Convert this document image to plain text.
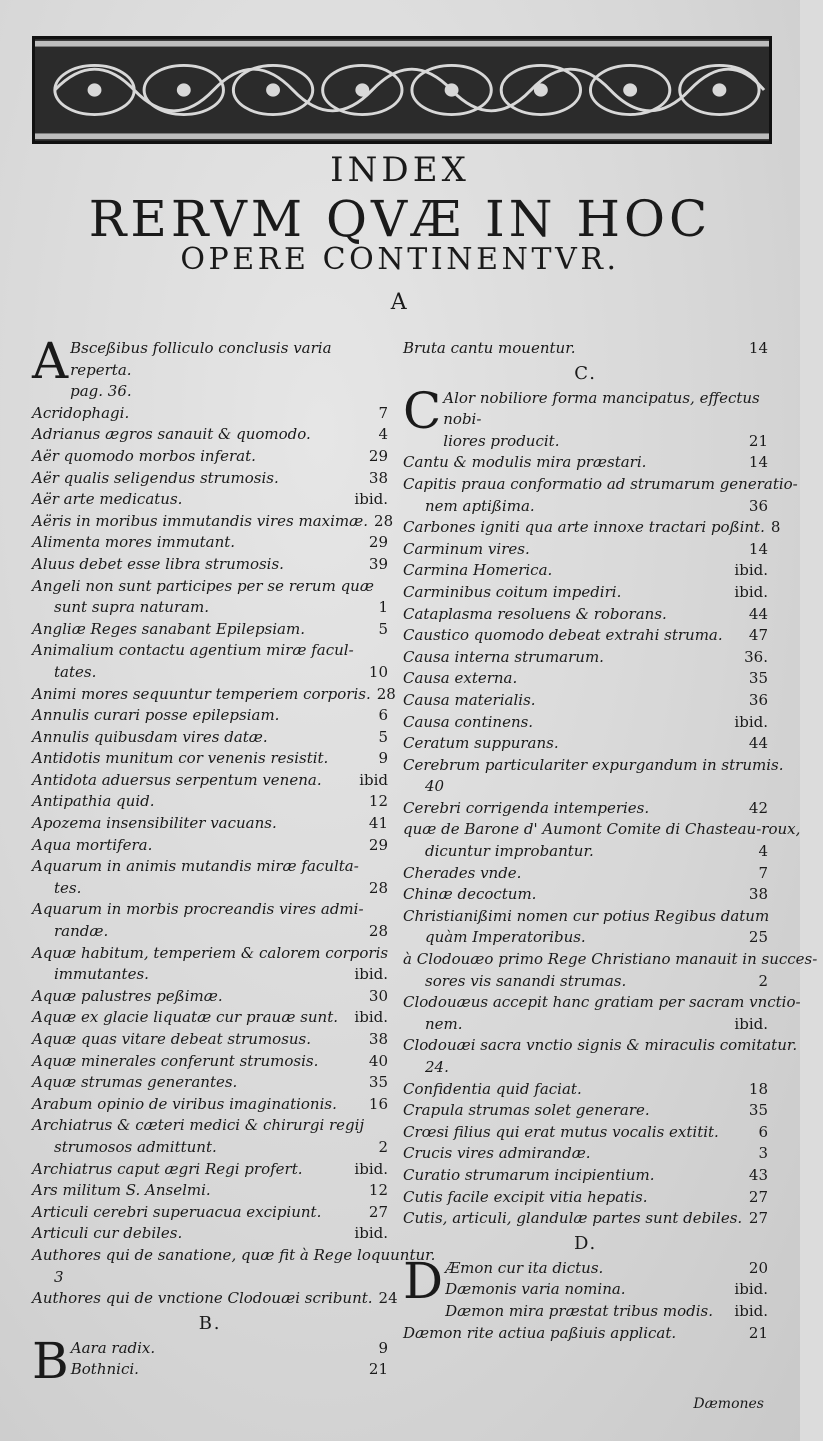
INDEX
RERVM QVÆ IN HOC
OPERE CONTINENTVR.
A
A Bsceßibus folliculo conclusis varia reperta.
pag. 36.
Acridophagi.	7
Adrianus ægros sanauit & quomodo.	4
Aër quomodo morbos inferat.	29
Aër qualis seligendus strumosis.	38
Aër arte medicatus.	ibid.
Aëris in moribus immutandis vires maximæ. 28
Alimenta mores immutant.	29
Aluus debet esse libra strumosis.	39
Angeli non sunt participes per se rerum quæ
sunt supra naturam.	1
Angliæ Reges sanabant Epilepsiam.	5
Animalium contactu agentium miræ facul-
tates.	10
Animi mores sequuntur temperiem corporis. 28
Annulis curari posse epilepsiam.	6
Annulis quibusdam vires datæ.	5
Antidotis munitum cor venenis resistit.	9
Antidota aduersus serpentum venena.	ibid
Antipathia quid.	12
Apozema insensibiliter vacuans.	41
Aqua mortifera.	29
Aquarum in animis mutandis miræ facultа-
tes.	28
Aquarum in morbis procreandis vires admi-
randæ.	28
Aquæ habitum, temperiem & calorem corporis
immutantes.	ibid.
Aquæ palustres peßimæ.	30
Aquæ ex glacie liquatæ cur prauæ sunt.	ibid.
Aquæ quas vitare debeat strumosus.	38
Aquæ minerales conferunt strumosis.	40
Aquæ strumas generantes.	35
Arabum opinio de viribus imaginationis.	16
Archiatrus & cæteri medici & chirurgi regij
strumosos admittunt.	2
Archiatrus caput ægri Regi profert.	ibid.
Ars militum S. Anselmi.	12
Articuli cerebri superuacua excipiunt.	27
Articuli cur debiles.	ibid.
Authores qui de sanatione, quæ fit à Rege loquuntur.
3
Authores qui de vnctione Clodouæi scribunt. 24
B.
B Aara radix.	9
Bothnici.	21
Bruta cantu mouentur.	14
C.
C Alor nobiliore forma mancipatus, effectus nobi-
liores producit.	21
Cantu & modulis mira præstari.	14
Capitis praua conformatio ad strumarum generatio-
nem aptißima.	36
Carbones igniti qua arte innoxe tractari poßint. 8
Carminum vires.	14
Carmina Homerica.	ibid.
Carminibus coitum impediri.	ibid.
Cataplasma resoluens & roborans.	44
Caustico quomodo debeat extrahi struma.	47
Causa interna strumarum.	36.
Causa externa.	35
Causa materialis.	36
Causa continens.	ibid.
Ceratum suppurans.	44
Cerebrum particulariter expurgandum in strumis.
40
Cerebri corrigenda intemperies.	42
quæ de Barone d' Aumont Comite di Chasteau-roux,
dicuntur improbantur.	4
Cherades vnde.	7
Chinæ decoctum.	38
Christianißimi nomen cur potius Regibus datum
quàm Imperatoribus.	25
à Clodouæo primo Rege Christiano manauit in succes-
sores vis sanandi strumas.	2
Clodouæus accepit hanc gratiam per sacram vnctio-
nem.	ibid.
Clodouæi sacra vnctio signis & miraculis comitatur.
24.
Confidentia quid faciat.	18
Crapula strumas solet generare.	35
Crœsi filius qui erat mutus vocalis extitit.	6
Crucis vires admirandæ.	3
Curatio strumarum incipientium.	43
Cutis facile excipit vitia hepatis.	27
Cutis, articuli, glandulæ partes sunt debiles. 27
D.
D Æmon cur ita dictus.	20
Dæmonis varia nomina.	ibid.
Dæmon mira præstat tribus modis.	ibid.
Dæmon rite actiua paßiuis applicat.	21
Dæmones
